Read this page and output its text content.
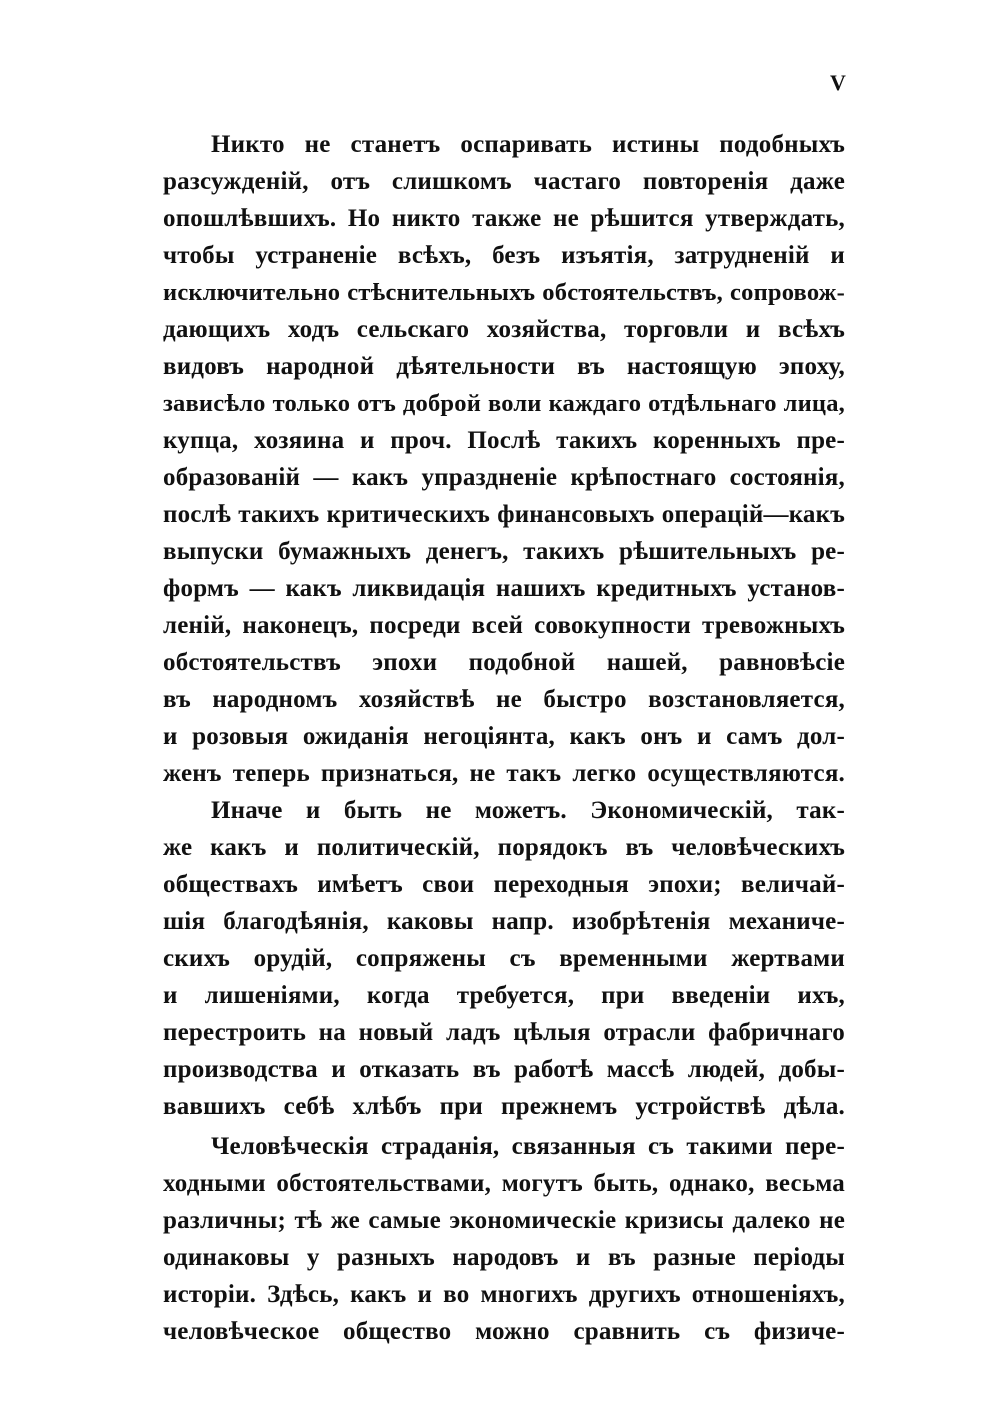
V
Никто не станетъ оспаривать истины подобныхъ
разсужденій, отъ слишкомъ частаго повторенія даже
опошлѣвшихъ. Но никто также не рѣшится утверждать,
чтобы устраненіе всѣхъ, безъ изъятія, затрудненій и
исключительно стѣснительныхъ обстоятельствъ, сопровож-
дающихъ ходъ сельскаго хозяйства, торговли и всѣхъ
видовъ народной дѣятельности въ настоящую эпоху,
зависѣло только отъ доброй воли каждаго отдѣльнаго лица,
купца, хозяина и проч. Послѣ такихъ коренныхъ пре-
образованій — какъ упраздненіе крѣпостнаго состоянія,
послѣ такихъ критическихъ финансовыхъ операцій—какъ
выпуски бумажныхъ денегъ, такихъ рѣшительныхъ ре-
формъ — какъ ликвидація нашихъ кредитныхъ установ-
леній, наконецъ, посреди всей совокупности тревожныхъ
обстоятельствъ эпохи подобной нашей, равновѣсіе
въ народномъ хозяйствѣ не быстро возстановляется,
и розовыя ожиданія негоціянта, какъ онъ и самъ дол-
женъ теперь признаться, не такъ легко осуществляются.
Иначе и быть не можетъ. Экономическій, так-
же какъ и политическій, порядокъ въ человѣческихъ
обществахъ имѣетъ свои переходныя эпохи; величай-
шія благодѣянія, каковы напр. изобрѣтенія механиче-
скихъ орудій, сопряжены съ временными жертвами
и лишеніями, когда требуется, при введеніи ихъ,
перестроить на новый ладъ цѣлыя отрасли фабричнаго
производства и отказать въ работѣ массѣ людей, добы-
вавшихъ себѣ хлѣбъ при прежнемъ устройствѣ дѣла.
Человѣческія страданія, связанныя съ такими пере-
ходными обстоятельствами, могутъ быть, однако, весьма
различны; тѣ же самые экономическіе кризисы далеко не
одинаковы у разныхъ народовъ и въ разные періоды
исторіи. Здѣсь, какъ и во многихъ другихъ отношеніяхъ,
человѣческое общество можно сравнить съ физиче-
